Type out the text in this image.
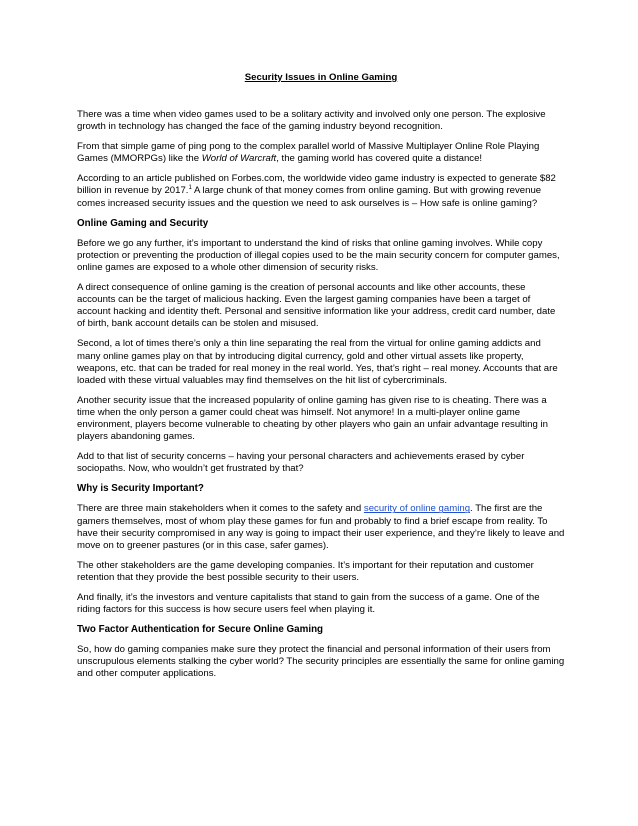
Security Issues in Online Gaming

There was a time when video games used to be a solitary activity and involved only one person. The explosive growth in technology has changed the face of the gaming industry beyond recognition.

From that simple game of ping pong to the complex parallel world of Massive Multiplayer Online Role Playing Games (MMORPGs) like the World of Warcraft, the gaming world has covered quite a distance!

According to an article published on Forbes.com, the worldwide video game industry is expected to generate $82 billion in revenue by 2017.$^1$ A large chunk of that money comes from online gaming. But with growing revenue comes increased security issues and the question we need to ask ourselves is – How safe is online gaming?

Online Gaming and Security

Before we go any further, it’s important to understand the kind of risks that online gaming involves. While copy protection or preventing the production of illegal copies used to be the main security concern for computer games, online games are exposed to a whole other dimension of security risks.

A direct consequence of online gaming is the creation of personal accounts and like other accounts, these accounts can be the target of malicious hacking. Even the largest gaming companies have been a target of account hacking and identity theft. Personal and sensitive information like your address, credit card number, date of birth, bank account details can be stolen and misused.

Second, a lot of times there’s only a thin line separating the real from the virtual for online gaming addicts and many online games play on that by introducing digital currency, gold and other virtual assets like property, weapons, etc. that can be traded for real money in the real world. Yes, that’s right – real money. Accounts that are loaded with these virtual valuables may find themselves on the hit list of cybercriminals.

Another security issue that the increased popularity of online gaming has given rise to is cheating. There was a time when the only person a gamer could cheat was himself. Not anymore! In a multi-player online game environment, players become vulnerable to cheating by other players who gain an unfair advantage resulting in players abandoning games.

Add to that list of security concerns – having your personal characters and achievements erased by cyber sociopaths. Now, who wouldn’t get frustrated by that?

Why is Security Important?

There are three main stakeholders when it comes to the safety and security of online gaming. The first are the gamers themselves, most of whom play these games for fun and probably to find a brief escape from reality. To have their security compromised in any way is going to impact their user experience, and they’re likely to leave and move on to greener pastures (or in this case, safer games).

The other stakeholders are the game developing companies. It’s important for their reputation and customer retention that they provide the best possible security to their users.

And finally, it’s the investors and venture capitalists that stand to gain from the success of a game. One of the riding factors for this success is how secure users feel when playing it.

Two Factor Authentication for Secure Online Gaming

So, how do gaming companies make sure they protect the financial and personal information of their users from unscrupulous elements stalking the cyber world? The security principles are essentially the same for online gaming and other computer applications.
